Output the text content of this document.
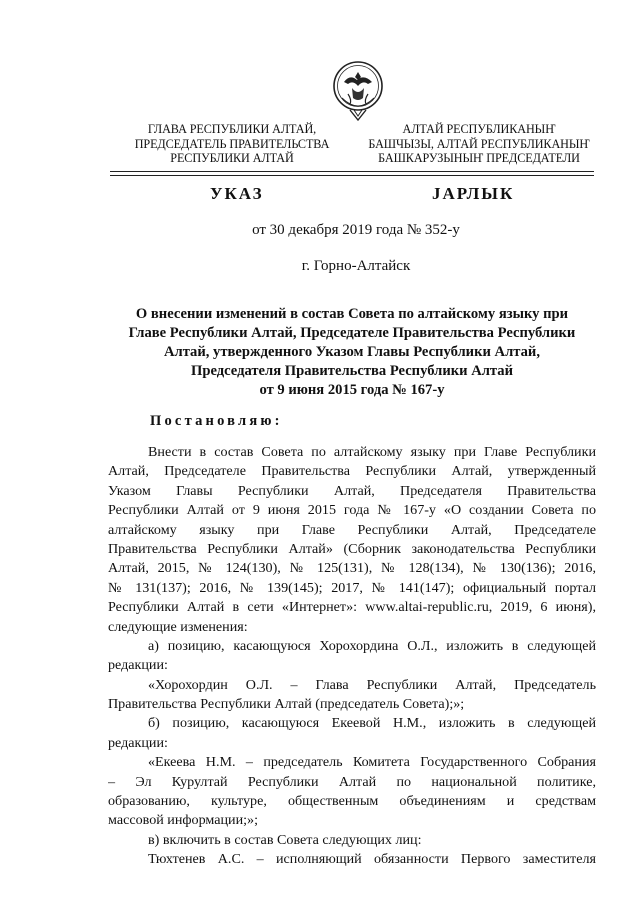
ГЛАВА РЕСПУБЛИКИ АЛТАЙ,
ПРЕДСЕДАТЕЛЬ ПРАВИТЕЛЬСТВА
РЕСПУБЛИКИ АЛТАЙ
АЛТАЙ РЕСПУБЛИКАНЫҤ
БАШЧЫЗЫ, АЛТАЙ РЕСПУБЛИКАНЫҤ
БАШКАРУЗЫНЫҤ ПРЕДСЕДАТЕЛИ
УКАЗ	ЈАРЛЫК
от 30 декабря 2019 года № 352-у
г. Горно-Алтайск
О внесении изменений в состав Совета по алтайскому языку при
Главе Республики Алтай, Председателе Правительства Республики
Алтай, утвержденного Указом Главы Республики Алтай,
Председателя Правительства Республики Алтай
от 9 июня 2015 года № 167-у
Постановляю:
Внести в состав Совета по алтайскому языку при Главе Республики
Алтай, Председателе Правительства Республики Алтай, утвержденный
Указом Главы Республики Алтай, Председателя Правительства
Республики Алтай от 9 июня 2015 года № 167-у «О создании Совета по
алтайскому языку при Главе Республики Алтай, Председателе
Правительства Республики Алтай» (Сборник законодательства Республики
Алтай, 2015, № 124(130), № 125(131), № 128(134), № 130(136); 2016,
№ 131(137); 2016, № 139(145); 2017, № 141(147); официальный портал
Республики Алтай в сети «Интернет»: www.altai-republic.ru, 2019, 6 июня),
следующие изменения:
а) позицию, касающуюся Хорохордина О.Л., изложить в следующей
редакции:
«Хорохордин О.Л. – Глава Республики Алтай, Председатель
Правительства Республики Алтай (председатель Совета);»;
б) позицию, касающуюся Екеевой Н.М., изложить в следующей
редакции:
«Екеева Н.М. – председатель Комитета Государственного Собрания
– Эл Курултай Республики Алтай по национальной политике,
образованию, культуре, общественным объединениям и средствам
массовой информации;»;
в) включить в состав Совета следующих лиц:
Тюхтенев А.С. – исполняющий обязанности Первого заместителя
